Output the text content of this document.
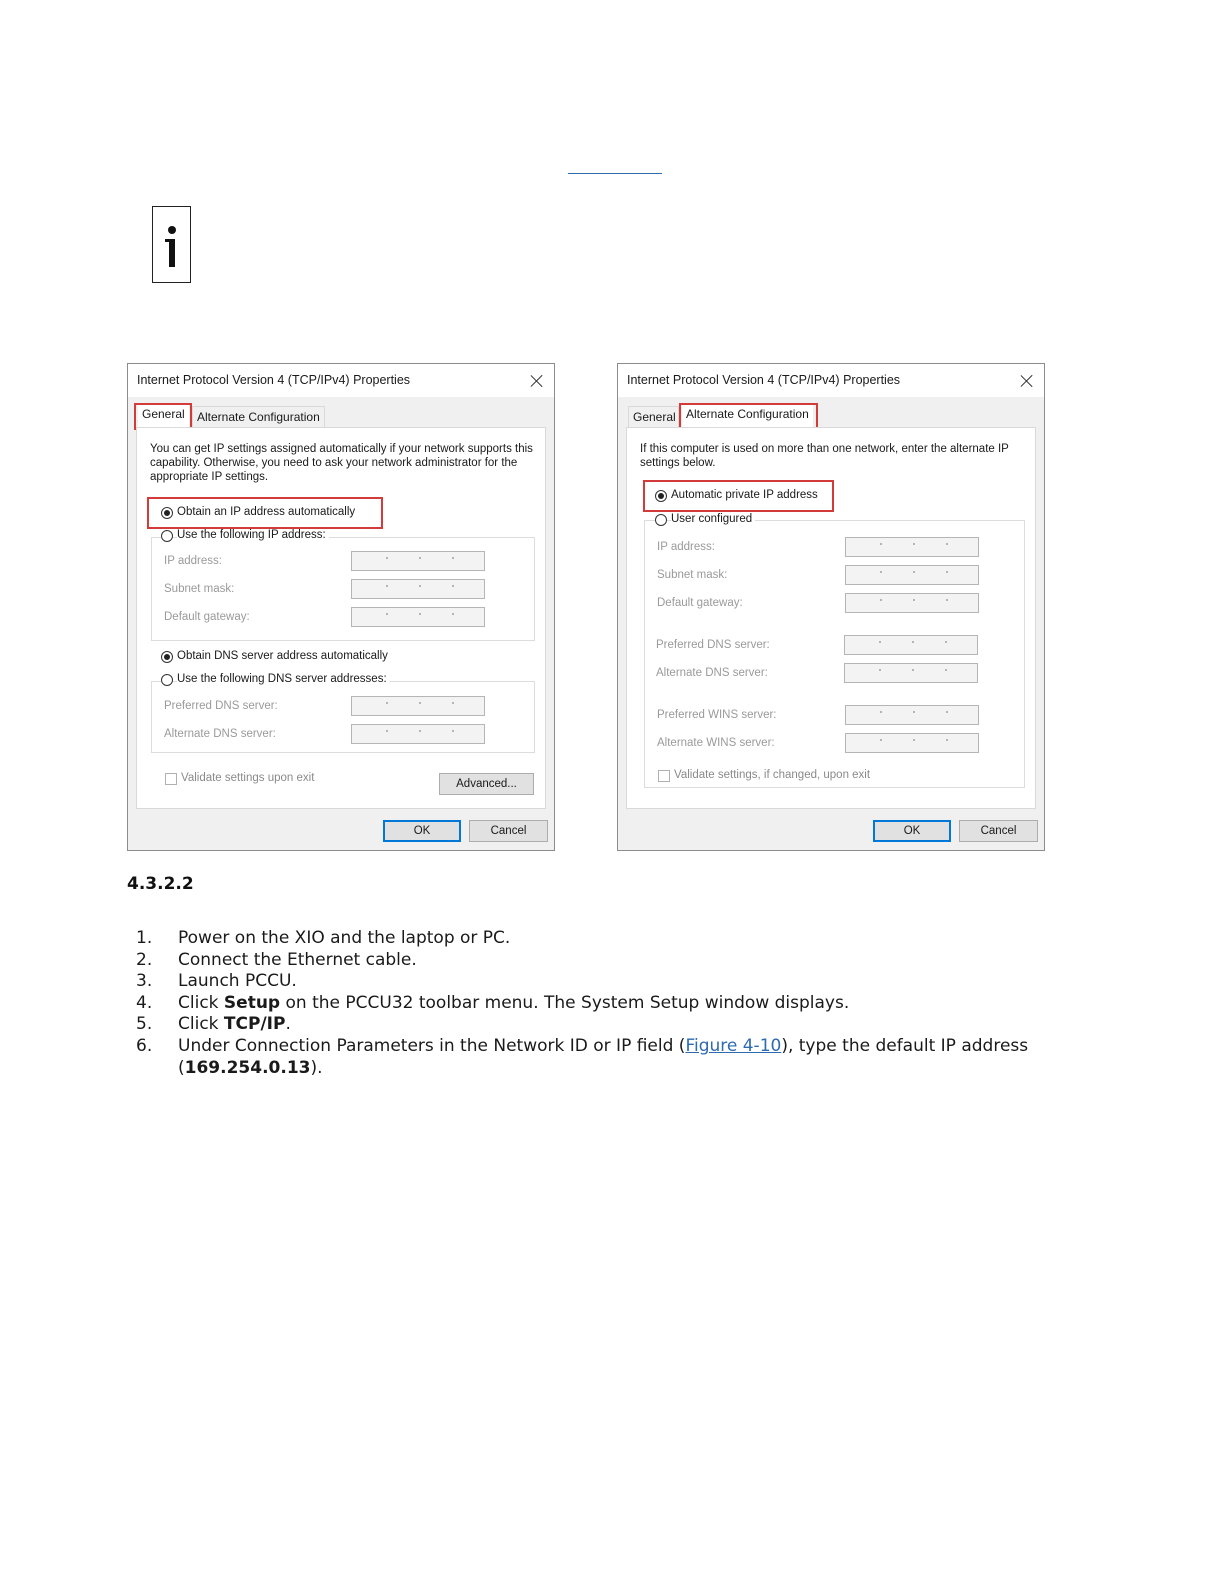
Internet Protocol Version 4 (TCP/IPv4) Properties
General	Alternate Configuration
You can get IP settings assigned automatically if your network supports this capability. Otherwise, you need to ask your network administrator for the appropriate IP settings.
Obtain an IP address automatically
Use the following IP address:
IP address:
Subnet mask:
Default gateway:
Obtain DNS server address automatically
Use the following DNS server addresses:
Preferred DNS server:
Alternate DNS server:
Validate settings upon exit	Advanced...
OK	Cancel
Internet Protocol Version 4 (TCP/IPv4) Properties
General Alternate Configuration
If this computer is used on more than one network, enter the alternate IP settings below.
Automatic private IP address
User configured
IP address:
Subnet mask:
Default gateway:
Preferred DNS server:
Alternate DNS server:
Preferred WINS server:
Alternate WINS server:
Validate settings, if changed, upon exit
OK	Cancel
4.3.2.2
1. Power on the XIO and the laptop or PC.
2. Connect the Ethernet cable.
3. Launch PCCU.
4. Click Setup on the PCCU32 toolbar menu. The System Setup window displays.
5. Click TCP/IP.
6. Under Connection Parameters in the Network ID or IP field (Figure 4-10), type the default IP address (169.254.0.13).
